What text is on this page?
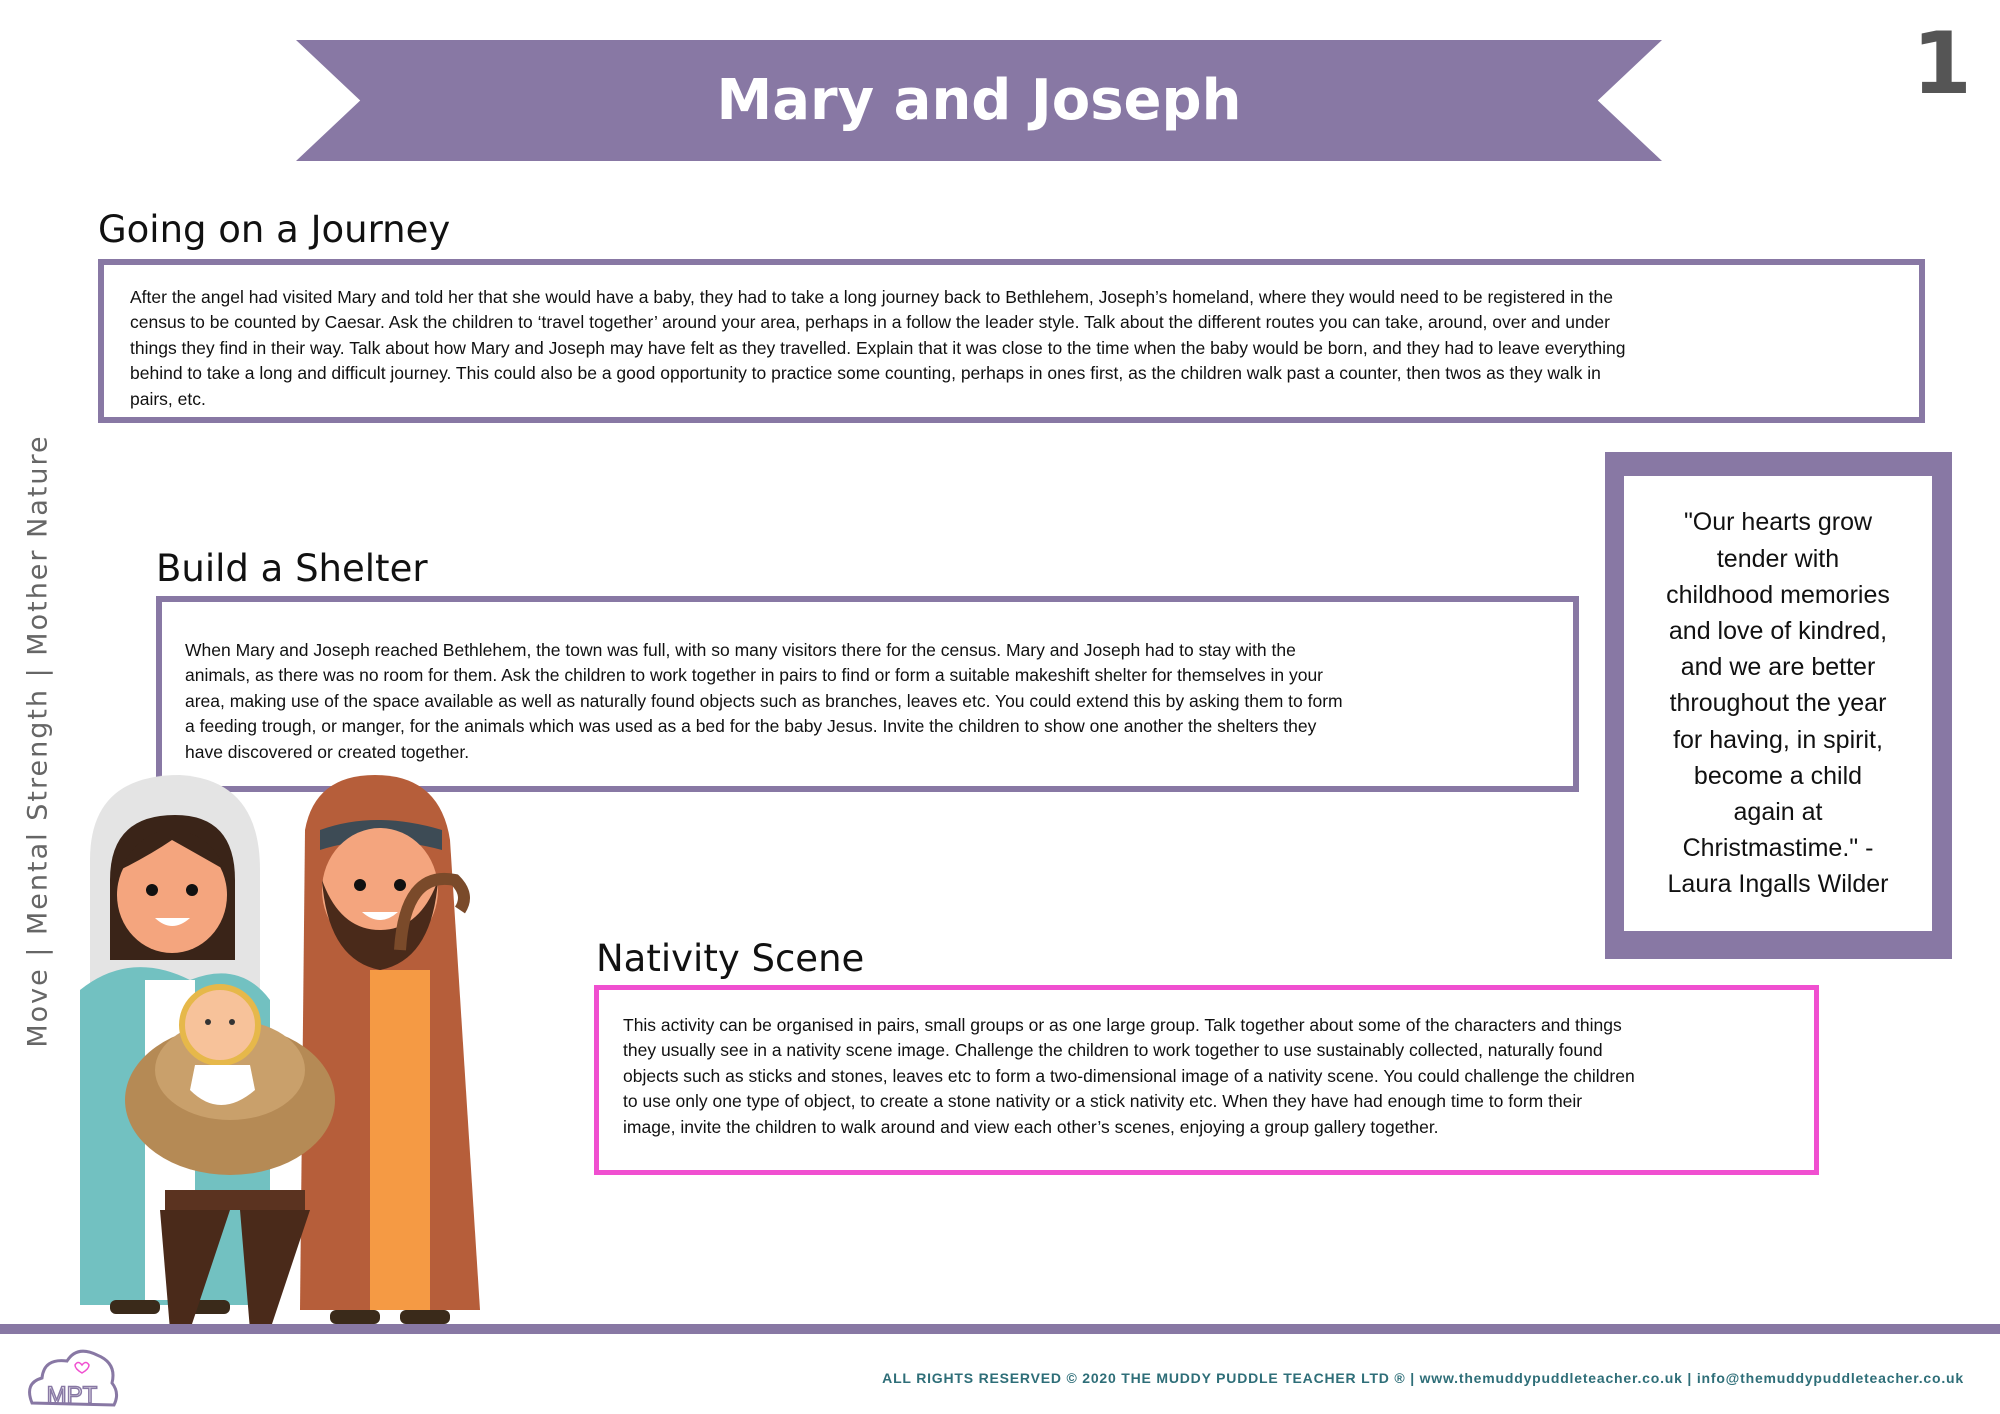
Mary and Joseph	1
Move | Mental Strength | Mother Nature
Going on a Journey

After the angel had visited Mary and told her that she would have a baby, they had to take a long journey back to Bethlehem, Joseph’s homeland, where they would need to be registered in the
census to be counted by Caesar. Ask the children to ‘travel together’ around your area, perhaps in a follow the leader style. Talk about the different routes you can take, around, over and under
things they find in their way. Talk about how Mary and Joseph may have felt as they travelled. Explain that it was close to the time when the baby would be born, and they had to leave everything
behind to take a long and difficult journey. This could also be a good opportunity to practice some counting, perhaps in ones first, as the children walk past a counter, then twos as they walk in
pairs, etc.

Build a Shelter

When Mary and Joseph reached Bethlehem, the town was full, with so many visitors there for the census. Mary and Joseph had to stay with the
animals, as there was no room for them. Ask the children to work together in pairs to find or form a suitable makeshift shelter for themselves in your
area, making use of the space available as well as naturally found objects such as branches, leaves etc. You could extend this by asking them to form
a feeding trough, or manger, for the animals which was used as a bed for the baby Jesus. Invite the children to show one another the shelters they
have discovered or created together.

"Our hearts grow
tender with
childhood memories
and love of kindred,
and we are better
throughout the year
for having, in spirit,
become a child
again at
Christmastime." -
Laura Ingalls Wilder

Nativity Scene

This activity can be organised in pairs, small groups or as one large group. Talk together about some of the characters and things
they usually see in a nativity scene image. Challenge the children to work together to use sustainably collected, naturally found
objects such as sticks and stones, leaves etc to form a two-dimensional image of a nativity scene. You could challenge the children
to use only one type of object, to create a stone nativity or a stick nativity etc. When they have had enough time to form their
image, invite the children to walk around and view each other’s scenes, enjoying a group gallery together.

MPT
ALL RIGHTS RESERVED © 2020 THE MUDDY PUDDLE TEACHER LTD ® | www.themuddypuddleteacher.co.uk | info@themuddypuddleteacher.co.uk
